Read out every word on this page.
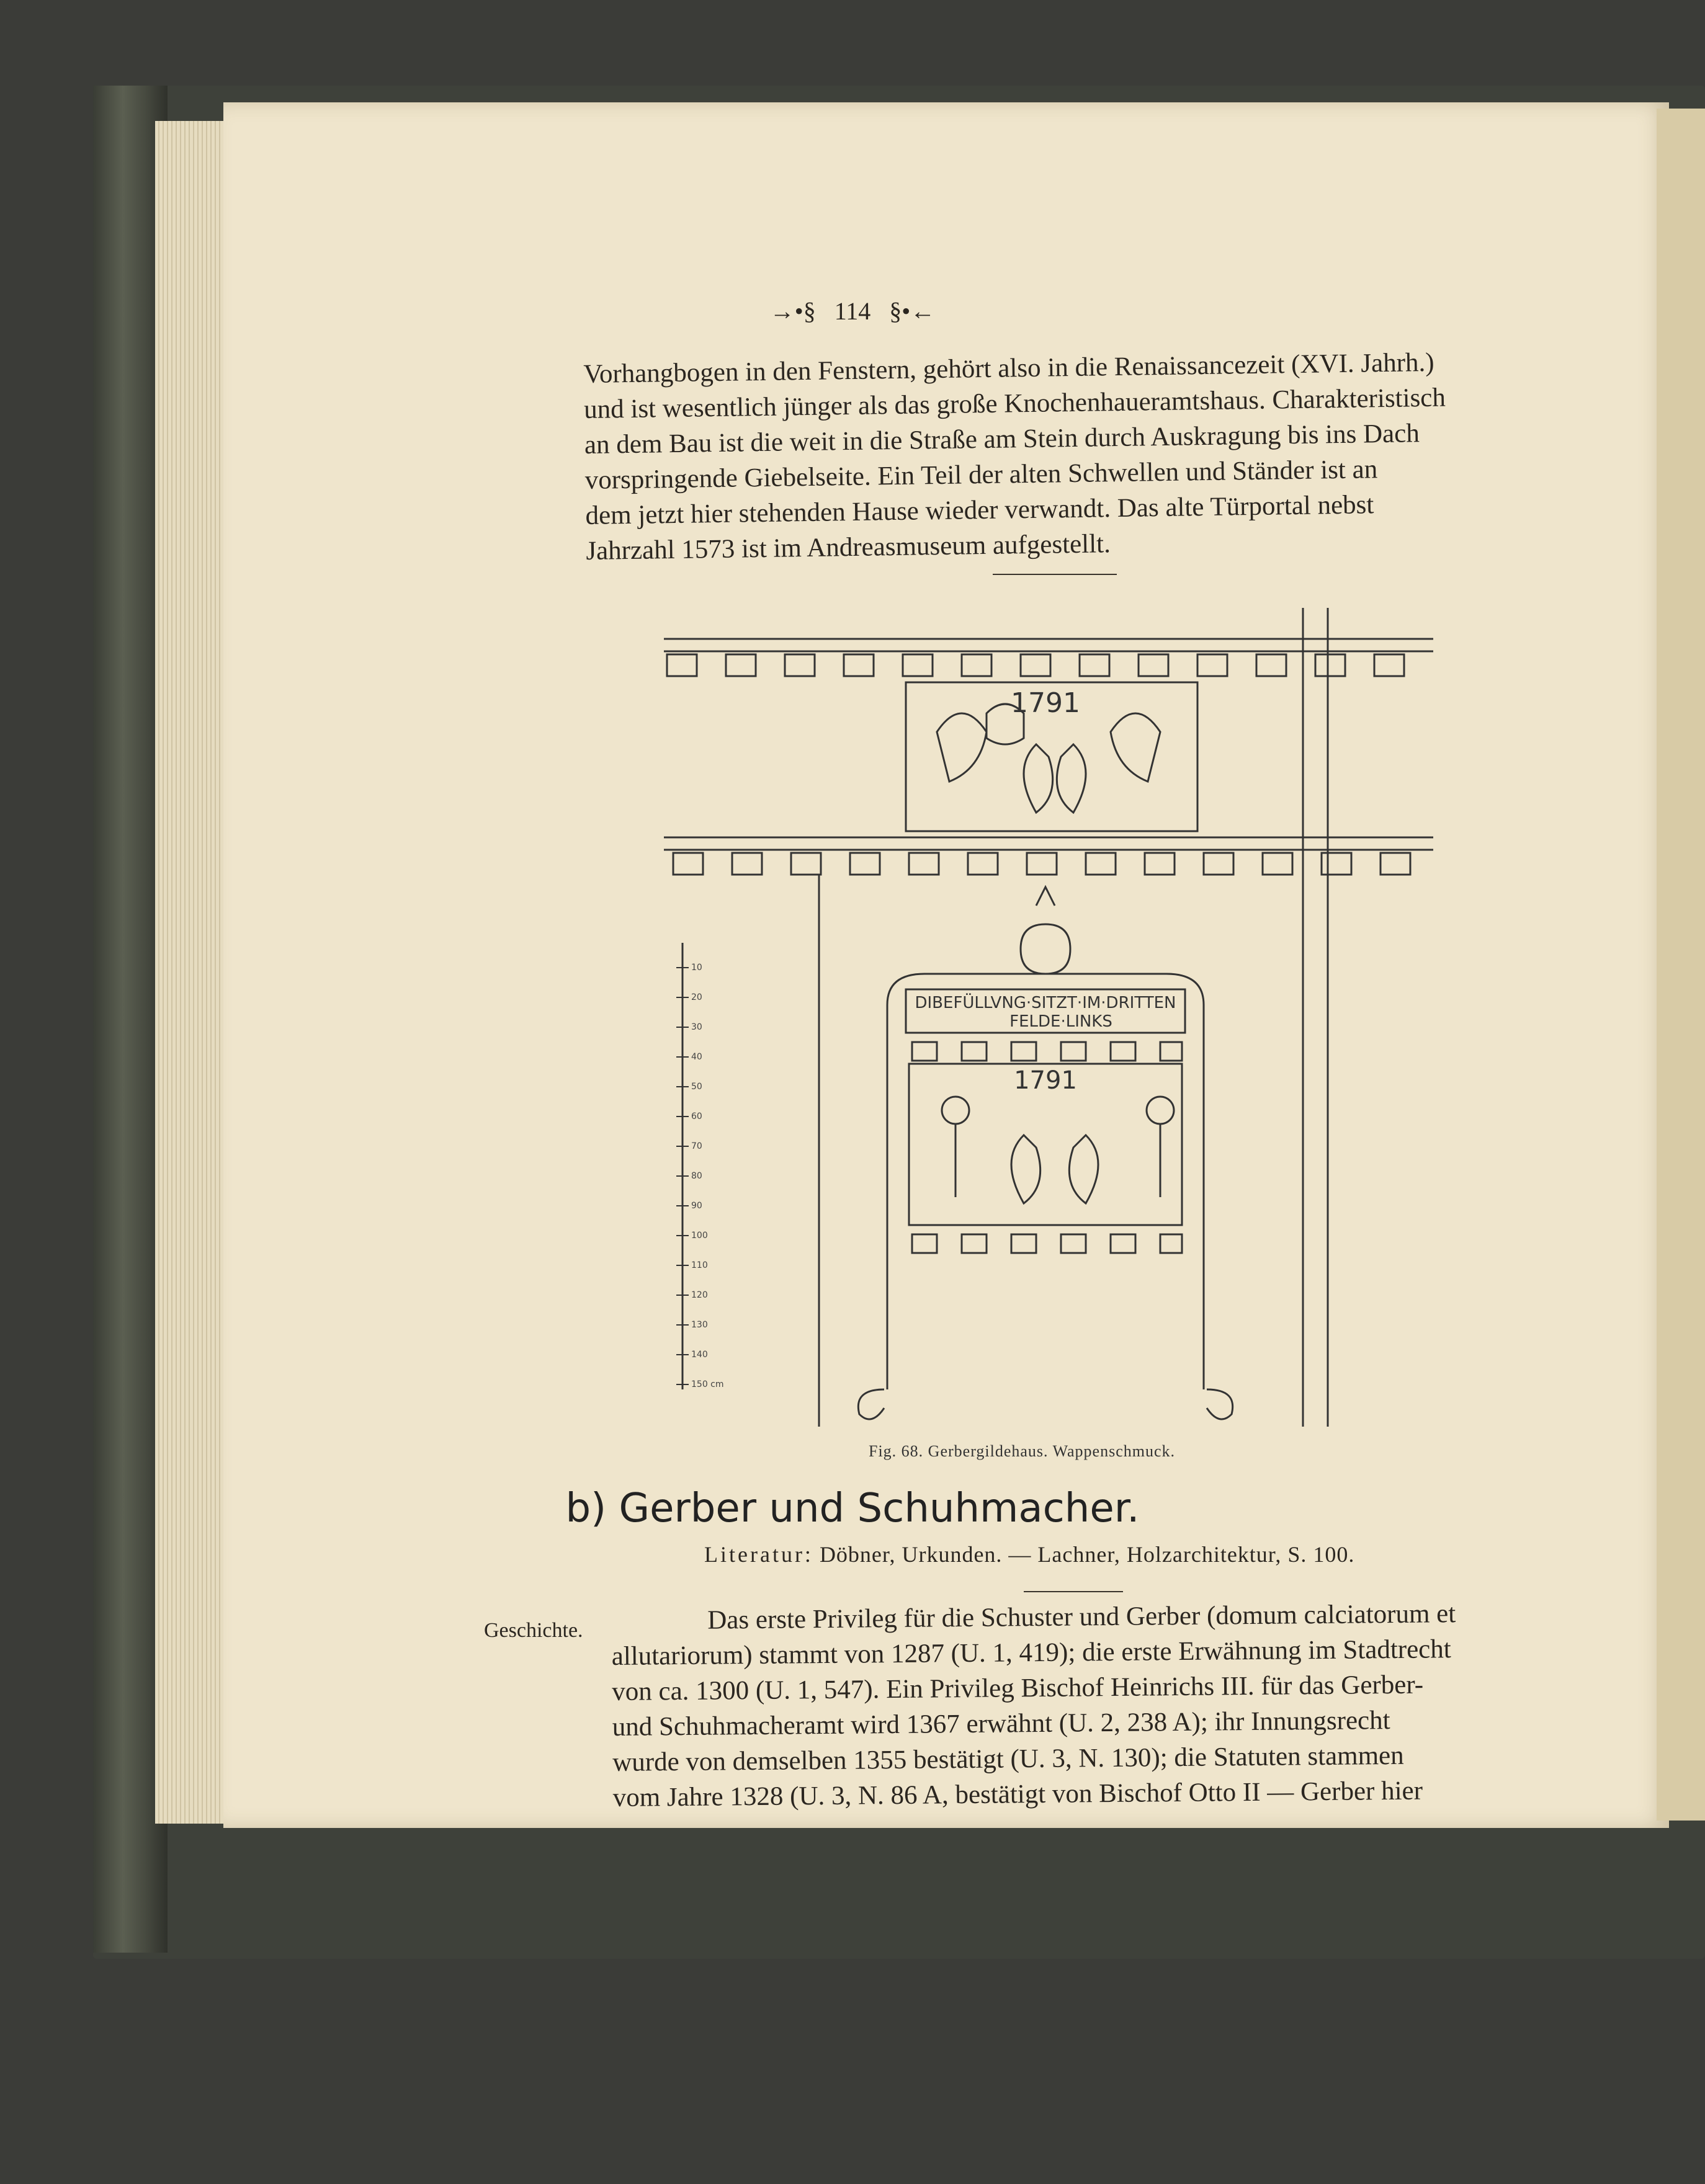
→•§ 114 §•←

Vorhangbogen in den Fenstern, gehört also in die Renaissancezeit (XVI. Jahrh.)

und ist wesentlich jünger als das große Knochenhaueramtshaus. Charakteristisch

an dem Bau ist die weit in die Straße am Stein durch Auskragung bis ins Dach

vorspringende Giebelseite. Ein Teil der alten Schwellen und Ständer ist an

dem jetzt hier stehenden Hause wieder verwandt. Das alte Türportal nebst

Jahrzahl 1573 ist im Andreasmuseum aufgestellt.

1791
1791
DIBEFÜLLVNG·SITZT·IM·DRITTEN
FELDE·LINKS
10
20
30
40
50
60
70
80
90
100
110
120
130
140
150 cm
Fig. 68. Gerbergildehaus. Wappenschmuck.
b) Gerber und Schuhmacher.
Literatur: Döbner, Urkunden. — Lachner, Holzarchitektur, S. 100.
Geschichte.	Das erste Privileg für die Schuster und Gerber (domum calciatorum et

allutariorum) stammt von 1287 (U. 1, 419); die erste Erwähnung im Stadtrecht

von ca. 1300 (U. 1, 547). Ein Privileg Bischof Heinrichs III. für das Gerber-

und Schuhmacheramt wird 1367 erwähnt (U. 2, 238 A); ihr Innungsrecht

wurde von demselben 1355 bestätigt (U. 3, N. 130); die Statuten stammen

vom Jahre 1328 (U. 3, N. 86 A, bestätigt von Bischof Otto II — Gerber hier
